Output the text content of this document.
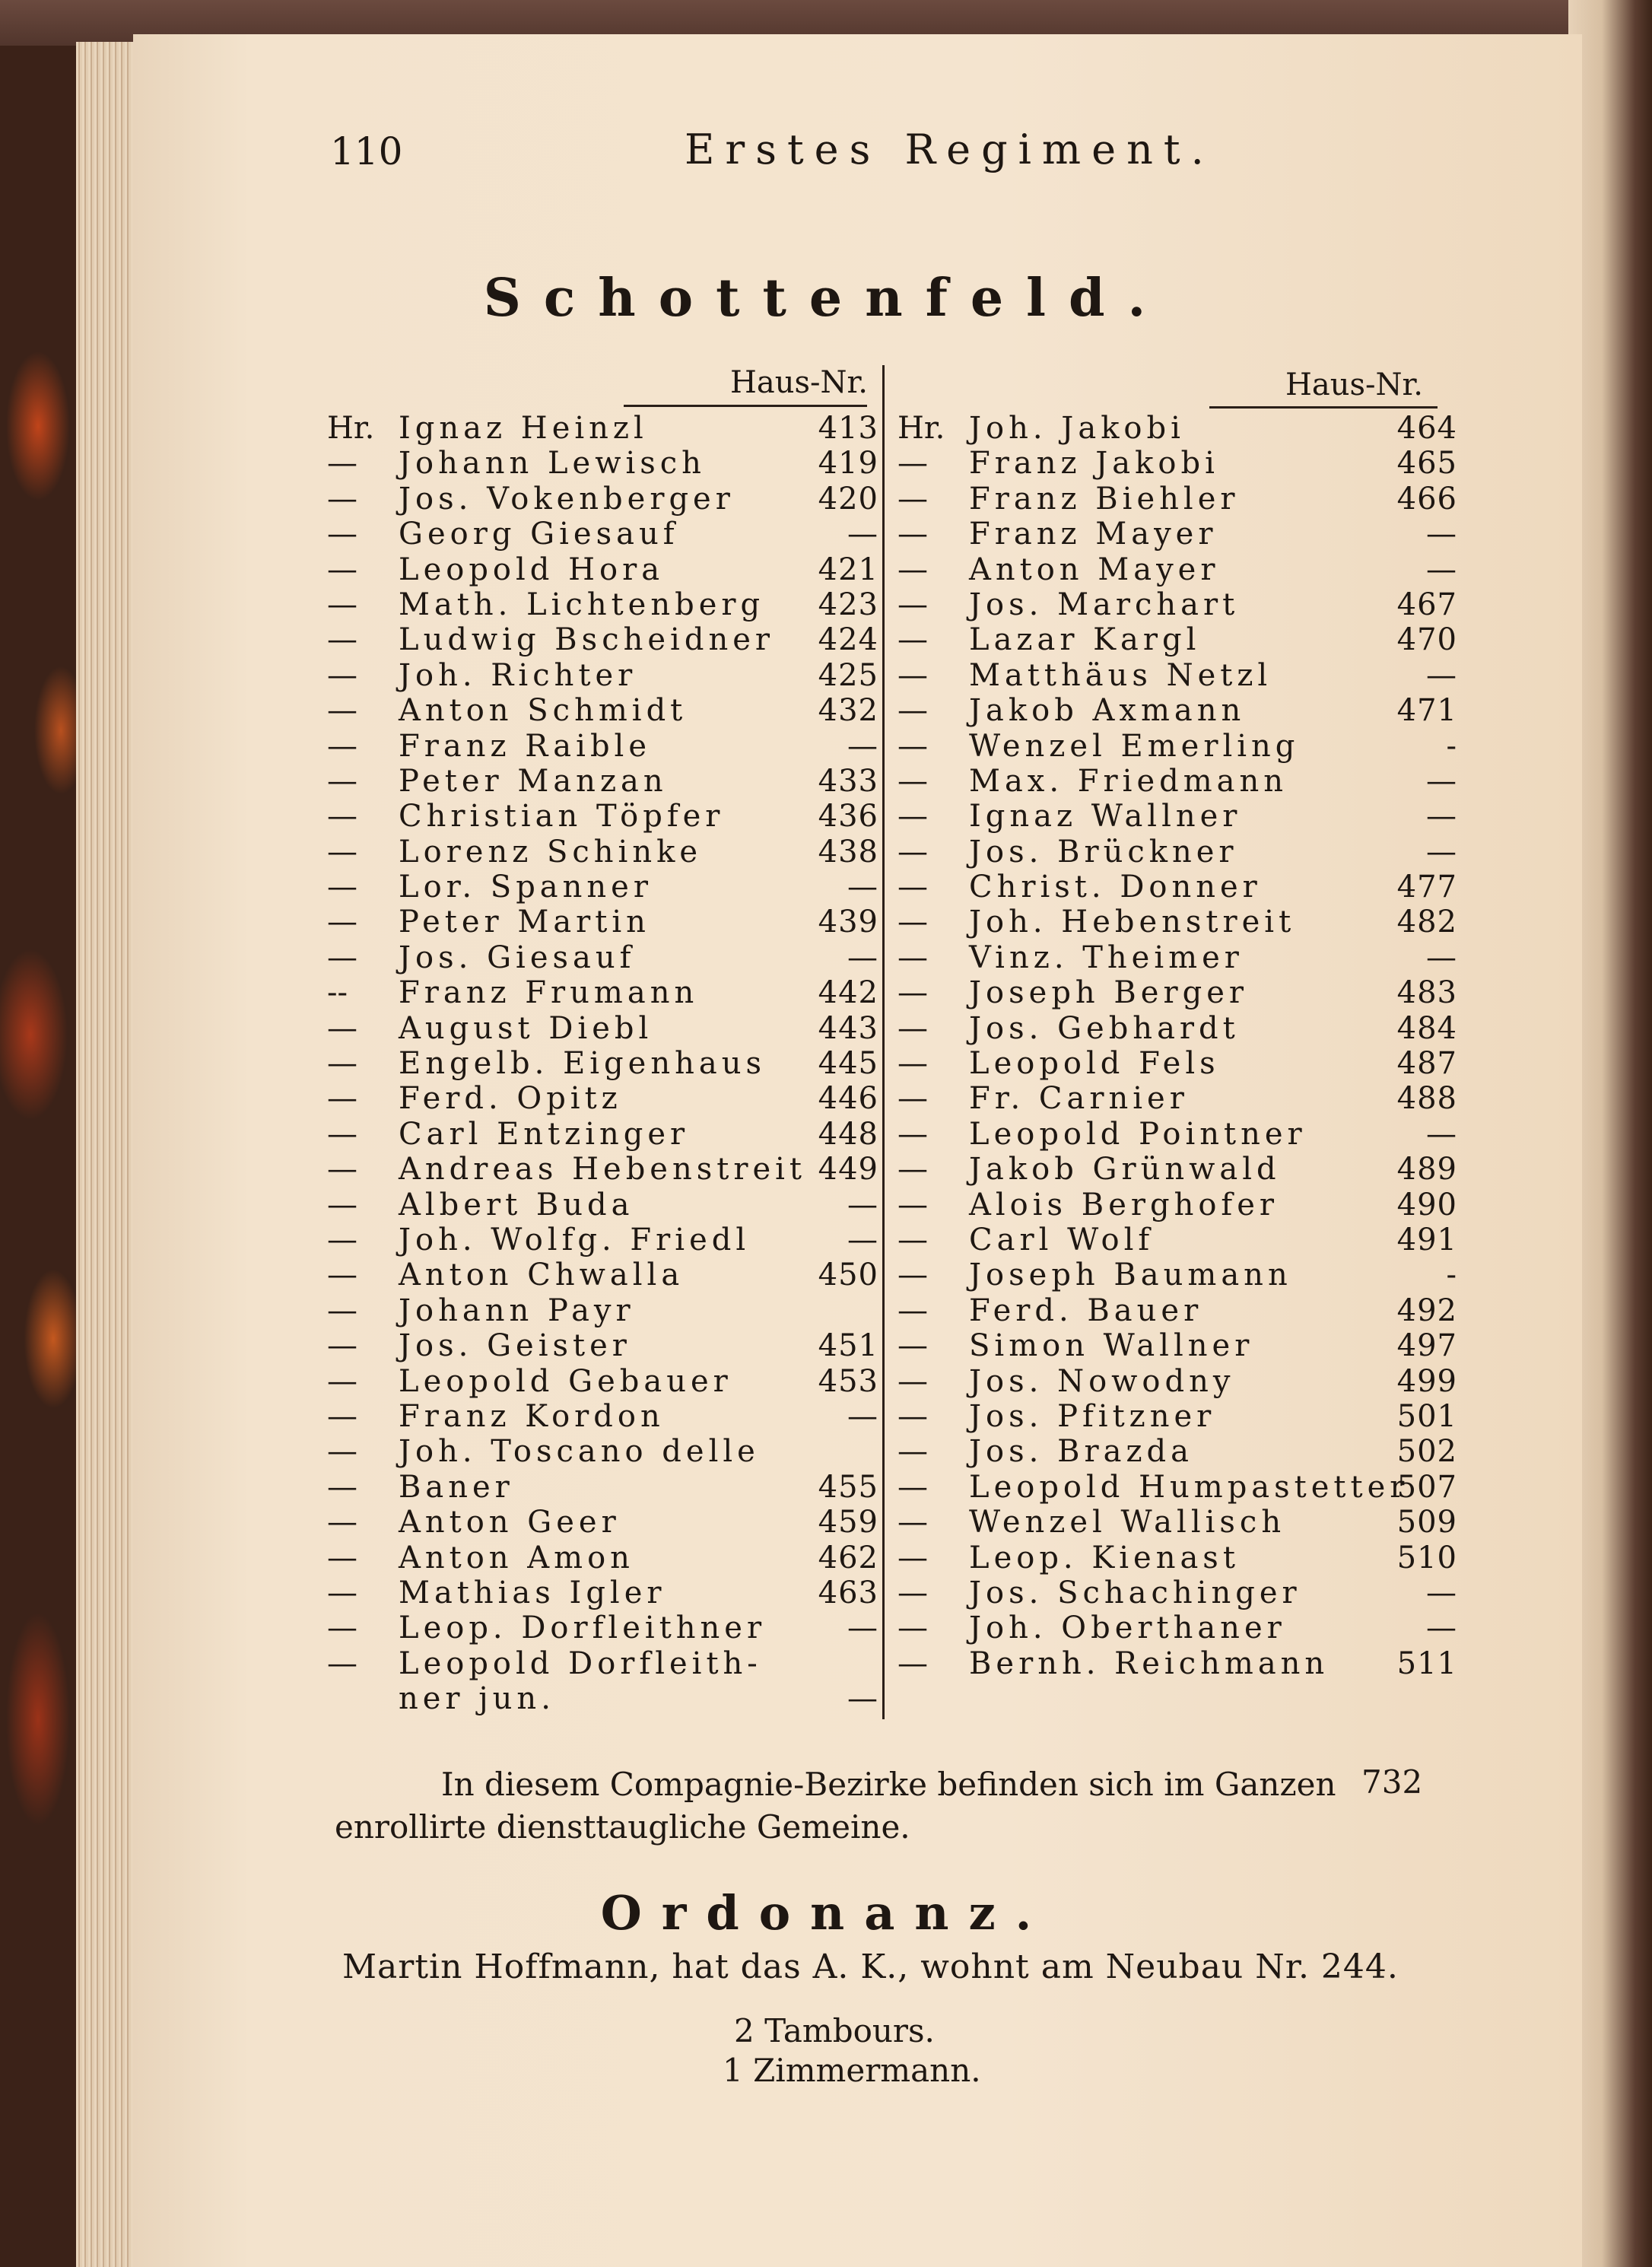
110	Erstes Regiment.
Schottenfeld.
Haus-Nr.	Haus-Nr.
Hr. Ignaz Heinzl	413
—	Johann Lewisch	419
—	Jos. Vokenberger	420
—	Georg Giesauf	—
—	Leopold Hora	421
—	Math. Lichtenberg 423
—	Ludwig Bscheidner 424
—	Joh. Richter	425
—	Anton Schmidt	432
—	Franz Raible	—
—	Peter Manzan	433
—	Christian Töpfer	436
—	Lorenz Schinke	438
—	Lor. Spanner	—
—	Peter Martin	439
—	Jos. Giesauf	—
--	Franz Frumann	442
—	August Diebl	443
—	Engelb. Eigenhaus 445
—	Ferd. Opitz	446
—	Carl Entzinger	448
—	Andreas Hebenstreit 449
—	Albert Buda	—
—	Joh. Wolfg. Friedl	—
—	Anton Chwalla	450
—	Johann Payr
—	Jos. Geister	451
—	Leopold Gebauer	453
—	Franz Kordon	—
—	Joh. Toscano delle
—	Baner	455
—	Anton Geer	459
—	Anton Amon	462
—	Mathias Igler	463
—	Leop. Dorfleithner	—
—	Leopold Dorfleith-
ner jun.	—
Hr. Joh. Jakobi	464
—	Franz Jakobi	465
—	Franz Biehler	466
—	Franz Mayer	—
—	Anton Mayer	—
—	Jos. Marchart	467
—	Lazar Kargl	470
—	Matthäus Netzl	—
—	Jakob Axmann	471
—	Wenzel Emerling	-
—	Max. Friedmann	—
—	Ignaz Wallner	—
—	Jos. Brückner	—
—	Christ. Donner	477
—	Joh. Hebenstreit	482
—	Vinz. Theimer	—
—	Joseph Berger	483
—	Jos. Gebhardt	484
—	Leopold Fels	487
—	Fr. Carnier	488
—	Leopold Pointner	—
—	Jakob Grünwald	489
—	Alois Berghofer	490
—	Carl Wolf	491
—	Joseph Baumann	-
—	Ferd. Bauer	492
—	Simon Wallner	497
—	Jos. Nowodny	499
—	Jos. Pfitzner	501
—	Jos. Brazda	502
—	Leopold Humpastetter
507
—	Wenzel Wallisch	509
—	Leop. Kienast	510
—	Jos. Schachinger	—
—	Joh. Oberthaner	—
—	Bernh. Reichmann 511
In diesem Compagnie-Bezirke befinden sich im Ganzen
enrollirte diensttaugliche Gemeine.
732
Ordonanz.
Martin Hoffmann, hat das A. K., wohnt am Neubau Nr. 244.
2 Tambours.
1 Zimmermann.
